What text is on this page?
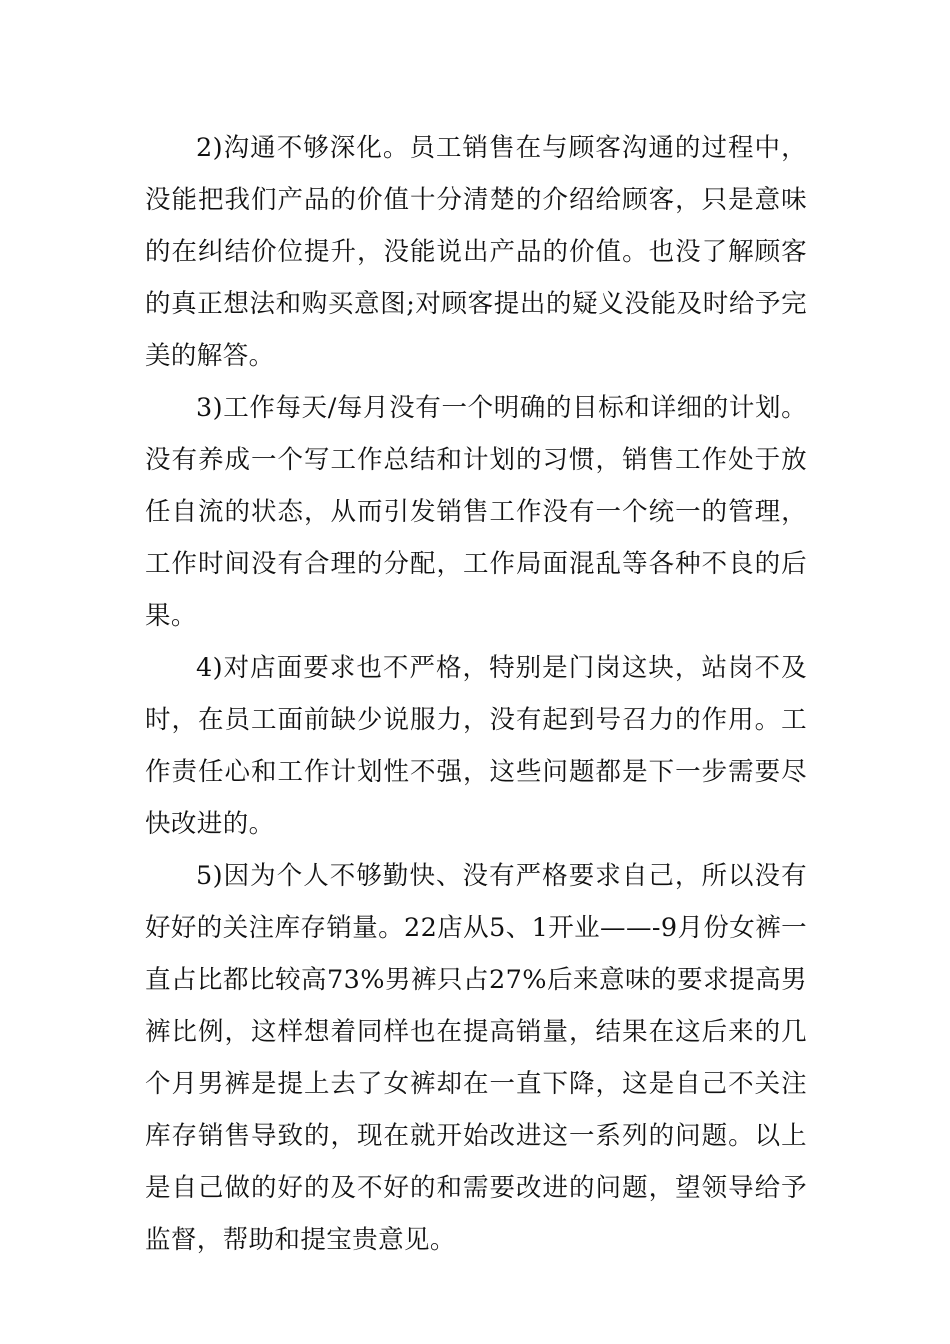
2)沟通不够深化。员工销售在与顾客沟通的过程中，没能把我们产品的价值十分清楚的介绍给顾客，只是意味的在纠结价位提升，没能说出产品的价值。也没了解顾客的真正想法和购买意图;对顾客提出的疑义没能及时给予完美的解答。

3)工作每天/每月没有一个明确的目标和详细的计划。没有养成一个写工作总结和计划的习惯，销售工作处于放任自流的状态，从而引发销售工作没有一个统一的管理，工作时间没有合理的分配，工作局面混乱等各种不良的后果。

4)对店面要求也不严格，特别是门岗这块，站岗不及时，在员工面前缺少说服力，没有起到号召力的作用。工作责任心和工作计划性不强，这些问题都是下一步需要尽快改进的。

5)因为个人不够勤快、没有严格要求自己，所以没有好好的关注库存销量。22店从5、1开业——-9月份女裤一直占比都比较高73%男裤只占27%后来意味的要求提高男裤比例，这样想着同样也在提高销量，结果在这后来的几个月男裤是提上去了女裤却在一直下降，这是自己不关注库存销售导致的，现在就开始改进这一系列的问题。以上是自己做的好的及不好的和需要改进的问题，望领导给予监督，帮助和提宝贵意见。
